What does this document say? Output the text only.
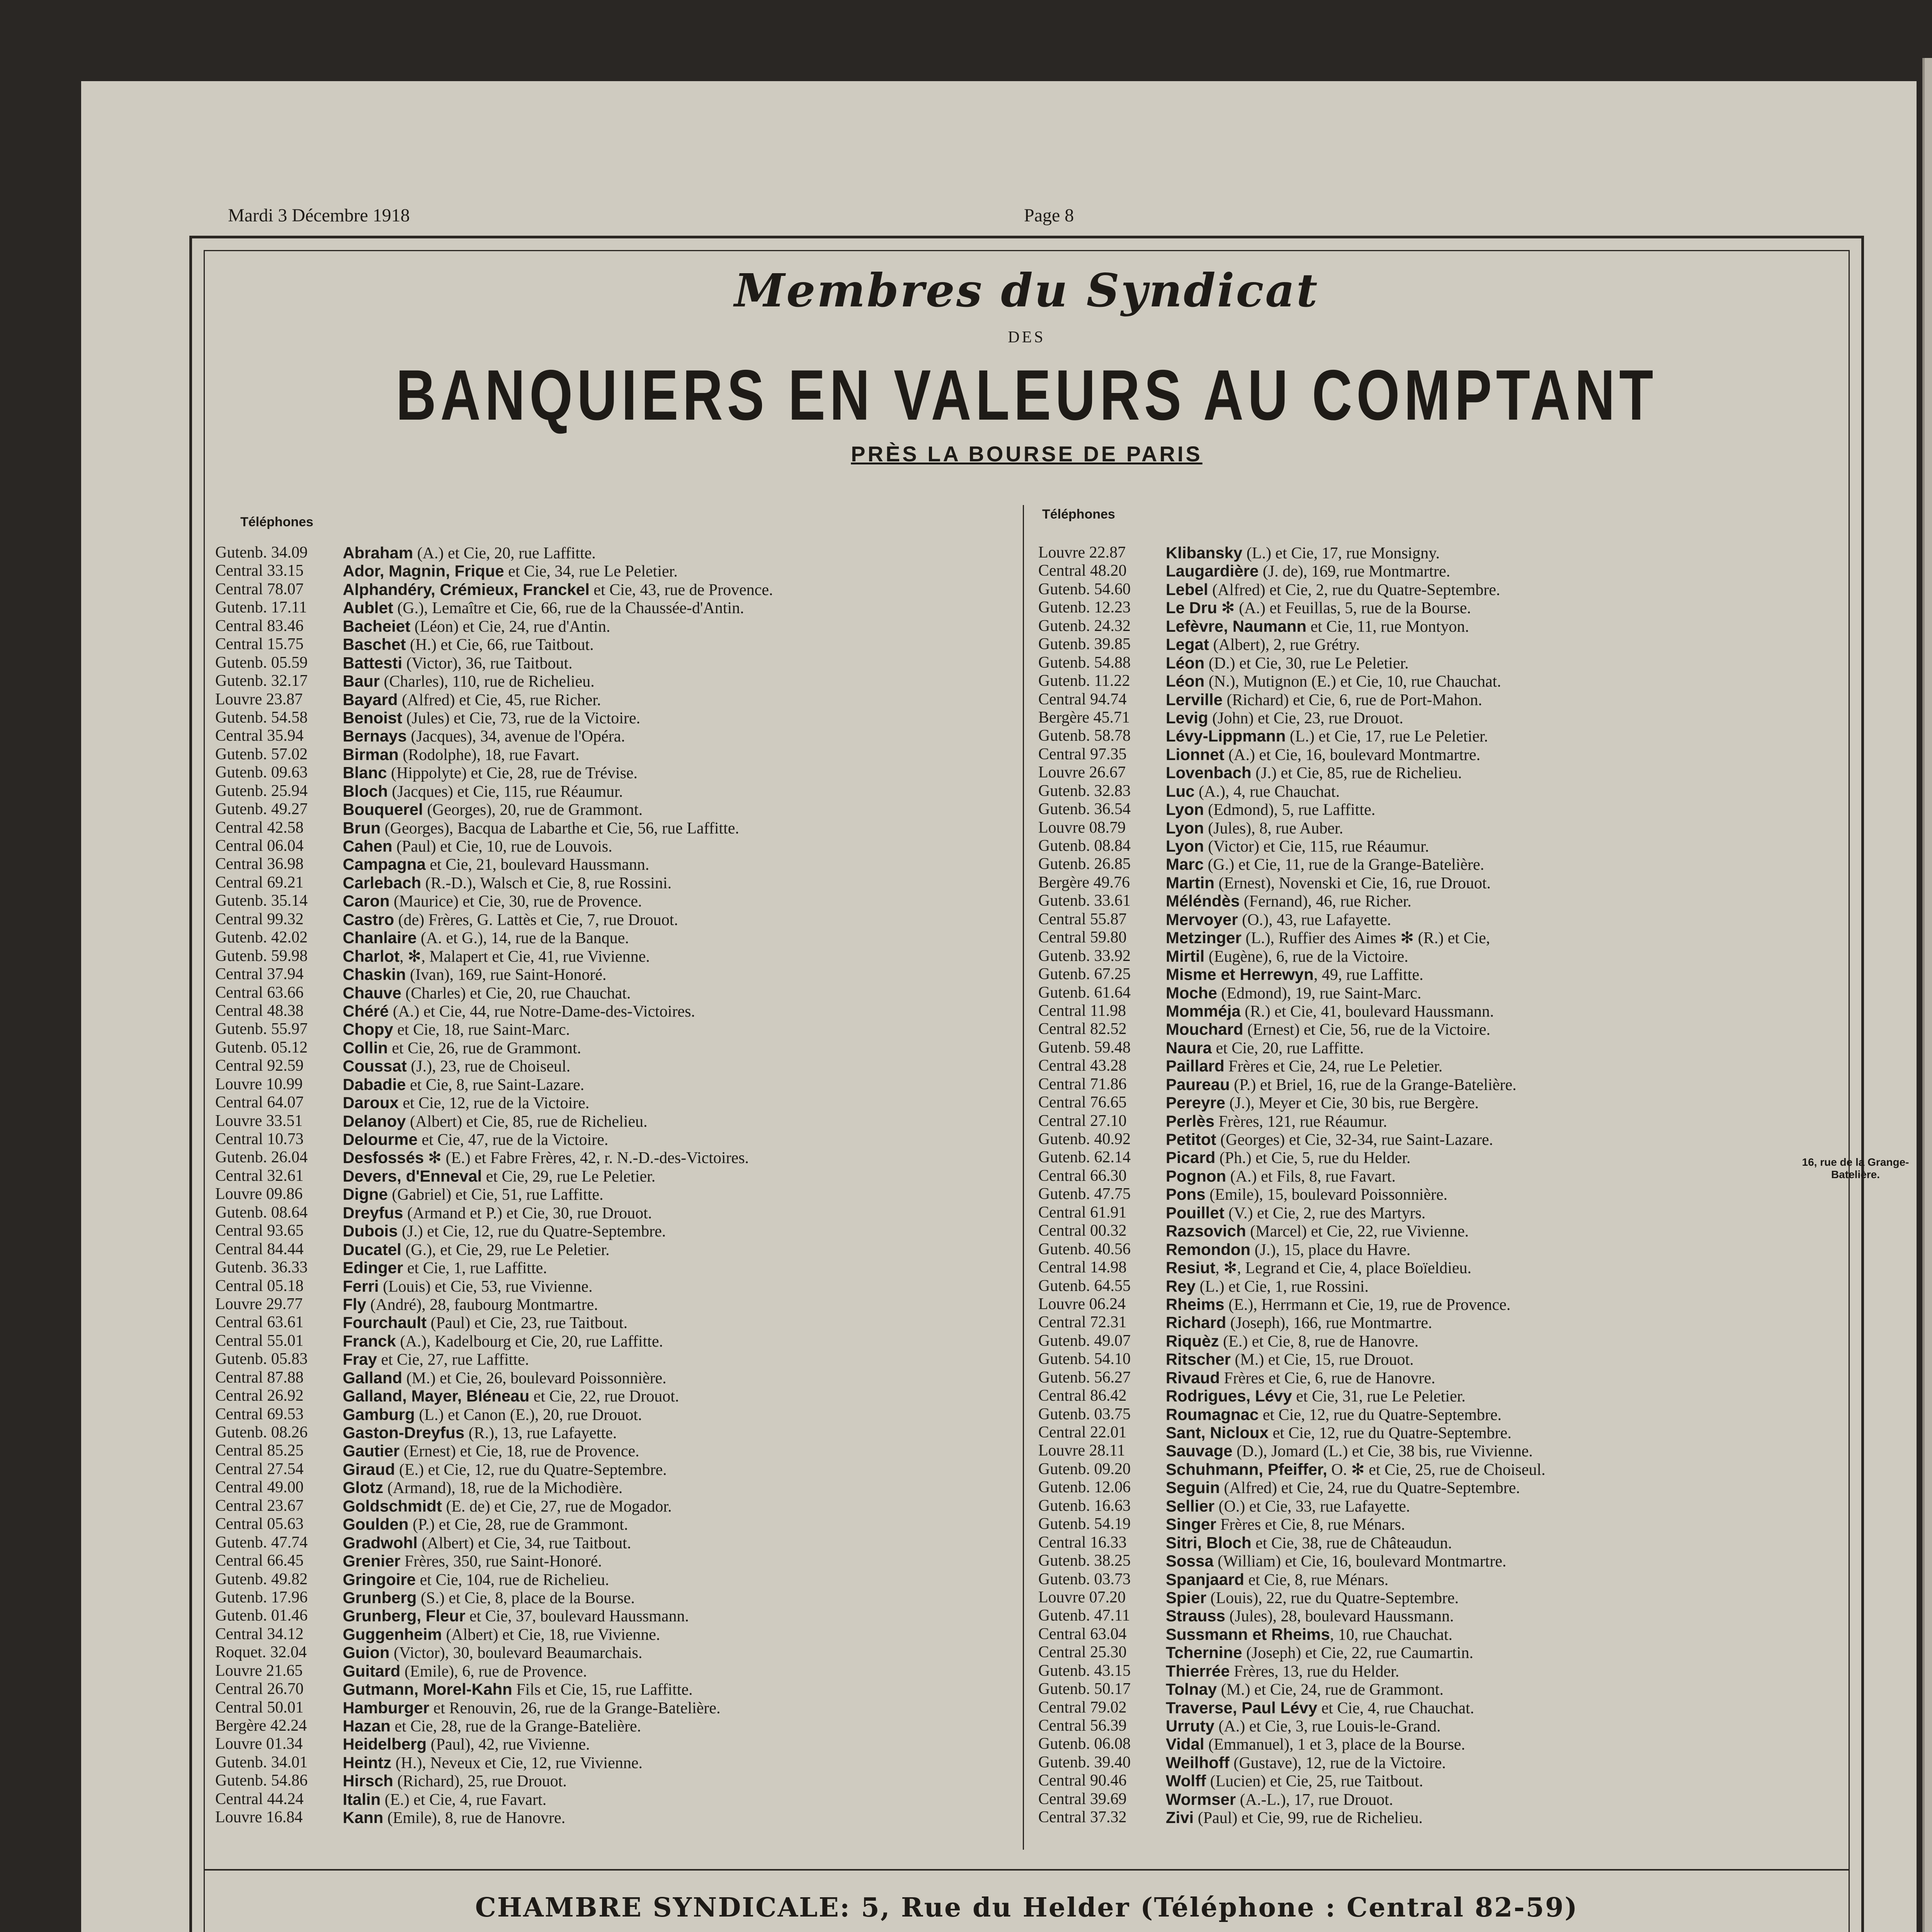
Mardi 3 Décembre 1918	Page 8
Membres du Syndicat
DES
BANQUIERS EN VALEURS AU COMPTANT
PRÈS LA BOURSE DE PARIS
Téléphones
Téléphones
Gutenb. 34.09	Abraham (A.) et Cie, 20, rue Laffitte.
Central 33.15	Ador, Magnin, Frique et Cie, 34, rue Le Peletier.
Central 78.07	Alphandéry, Crémieux, Franckel et Cie, 43, rue de Provence.
Gutenb. 17.11	Aublet (G.), Lemaître et Cie, 66, rue de la Chaussée-d'Antin.
Central 83.46	Bacheiet (Léon) et Cie, 24, rue d'Antin.
Central 15.75	Baschet (H.) et Cie, 66, rue Taitbout.
Gutenb. 05.59	Battesti (Victor), 36, rue Taitbout.
Gutenb. 32.17	Baur (Charles), 110, rue de Richelieu.
Louvre 23.87	Bayard (Alfred) et Cie, 45, rue Richer.
Gutenb. 54.58	Benoist (Jules) et Cie, 73, rue de la Victoire.
Central 35.94	Bernays (Jacques), 34, avenue de l'Opéra.
Gutenb. 57.02	Birman (Rodolphe), 18, rue Favart.
Gutenb. 09.63	Blanc (Hippolyte) et Cie, 28, rue de Trévise.
Gutenb. 25.94	Bloch (Jacques) et Cie, 115, rue Réaumur.
Gutenb. 49.27	Bouquerel (Georges), 20, rue de Grammont.
Central 42.58	Brun (Georges), Bacqua de Labarthe et Cie, 56, rue Laffitte.
Central 06.04	Cahen (Paul) et Cie, 10, rue de Louvois.
Central 36.98	Campagna et Cie, 21, boulevard Haussmann.
Central 69.21	Carlebach (R.-D.), Walsch et Cie, 8, rue Rossini.
Gutenb. 35.14	Caron (Maurice) et Cie, 30, rue de Provence.
Central 99.32	Castro (de) Frères, G. Lattès et Cie, 7, rue Drouot.
Gutenb. 42.02	Chanlaire (A. et G.), 14, rue de la Banque.
Gutenb. 59.98	Charlot, ✻, Malapert et Cie, 41, rue Vivienne.
Central 37.94	Chaskin (Ivan), 169, rue Saint-Honoré.
Central 63.66	Chauve (Charles) et Cie, 20, rue Chauchat.
Central 48.38	Chéré (A.) et Cie, 44, rue Notre-Dame-des-Victoires.
Gutenb. 55.97	Chopy et Cie, 18, rue Saint-Marc.
Gutenb. 05.12	Collin et Cie, 26, rue de Grammont.
Central 92.59	Coussat (J.), 23, rue de Choiseul.
Louvre 10.99	Dabadie et Cie, 8, rue Saint-Lazare.
Central 64.07	Daroux et Cie, 12, rue de la Victoire.
Louvre 33.51	Delanoy (Albert) et Cie, 85, rue de Richelieu.
Central 10.73	Delourme et Cie, 47, rue de la Victoire.
Gutenb. 26.04	Desfossés ✻ (E.) et Fabre Frères, 42, r. N.-D.-des-Victoires.
Central 32.61	Devers, d'Enneval et Cie, 29, rue Le Peletier.
Louvre 09.86	Digne (Gabriel) et Cie, 51, rue Laffitte.
Gutenb. 08.64	Dreyfus (Armand et P.) et Cie, 30, rue Drouot.
Central 93.65	Dubois (J.) et Cie, 12, rue du Quatre-Septembre.
Central 84.44	Ducatel (G.), et Cie, 29, rue Le Peletier.
Gutenb. 36.33	Edinger et Cie, 1, rue Laffitte.
Central 05.18	Ferri (Louis) et Cie, 53, rue Vivienne.
Louvre 29.77	Fly (André), 28, faubourg Montmartre.
Central 63.61	Fourchault (Paul) et Cie, 23, rue Taitbout.
Central 55.01	Franck (A.), Kadelbourg et Cie, 20, rue Laffitte.
Gutenb. 05.83	Fray et Cie, 27, rue Laffitte.
Central 87.88	Galland (M.) et Cie, 26, boulevard Poissonnière.
Central 26.92	Galland, Mayer, Bléneau et Cie, 22, rue Drouot.
Central 69.53	Gamburg (L.) et Canon (E.), 20, rue Drouot.
Gutenb. 08.26	Gaston-Dreyfus (R.), 13, rue Lafayette.
Central 85.25	Gautier (Ernest) et Cie, 18, rue de Provence.
Central 27.54	Giraud (E.) et Cie, 12, rue du Quatre-Septembre.
Central 49.00	Glotz (Armand), 18, rue de la Michodière.
Central 23.67	Goldschmidt (E. de) et Cie, 27, rue de Mogador.
Central 05.63	Goulden (P.) et Cie, 28, rue de Grammont.
Gutenb. 47.74	Gradwohl (Albert) et Cie, 34, rue Taitbout.
Central 66.45	Grenier Frères, 350, rue Saint-Honoré.
Gutenb. 49.82	Gringoire et Cie, 104, rue de Richelieu.
Gutenb. 17.96	Grunberg (S.) et Cie, 8, place de la Bourse.
Gutenb. 01.46	Grunberg, Fleur et Cie, 37, boulevard Haussmann.
Central 34.12	Guggenheim (Albert) et Cie, 18, rue Vivienne.
Roquet. 32.04	Guion (Victor), 30, boulevard Beaumarchais.
Louvre 21.65	Guitard (Emile), 6, rue de Provence.
Central 26.70	Gutmann, Morel-Kahn Fils et Cie, 15, rue Laffitte.
Central 50.01	Hamburger et Renouvin, 26, rue de la Grange-Batelière.
Bergère 42.24	Hazan et Cie, 28, rue de la Grange-Batelière.
Louvre 01.34	Heidelberg (Paul), 42, rue Vivienne.
Gutenb. 34.01	Heintz (H.), Neveux et Cie, 12, rue Vivienne.
Gutenb. 54.86	Hirsch (Richard), 25, rue Drouot.
Central 44.24	Italin (E.) et Cie, 4, rue Favart.
Louvre 16.84	Kann (Emile), 8, rue de Hanovre.
Louvre 22.87	Klibansky (L.) et Cie, 17, rue Monsigny.
Central 48.20	Laugardière (J. de), 169, rue Montmartre.
Gutenb. 54.60	Lebel (Alfred) et Cie, 2, rue du Quatre-Septembre.
Gutenb. 12.23	Le Dru ✻ (A.) et Feuillas, 5, rue de la Bourse.
Gutenb. 24.32	Lefèvre, Naumann et Cie, 11, rue Montyon.
Gutenb. 39.85	Legat (Albert), 2, rue Grétry.
Gutenb. 54.88	Léon (D.) et Cie, 30, rue Le Peletier.
Gutenb. 11.22	Léon (N.), Mutignon (E.) et Cie, 10, rue Chauchat.
Central 94.74	Lerville (Richard) et Cie, 6, rue de Port-Mahon.
Bergère 45.71	Levig (John) et Cie, 23, rue Drouot.
Gutenb. 58.78	Lévy-Lippmann (L.) et Cie, 17, rue Le Peletier.
Central 97.35	Lionnet (A.) et Cie, 16, boulevard Montmartre.
Louvre 26.67	Lovenbach (J.) et Cie, 85, rue de Richelieu.
Gutenb. 32.83	Luc (A.), 4, rue Chauchat.
Gutenb. 36.54	Lyon (Edmond), 5, rue Laffitte.
Louvre 08.79	Lyon (Jules), 8, rue Auber.
Gutenb. 08.84	Lyon (Victor) et Cie, 115, rue Réaumur.
Gutenb. 26.85	Marc (G.) et Cie, 11, rue de la Grange-Batelière.
Bergère 49.76	Martin (Ernest), Novenski et Cie, 16, rue Drouot.
Gutenb. 33.61	Méléndès (Fernand), 46, rue Richer.
Central 55.87	Mervoyer (O.), 43, rue Lafayette.
Central 59.80	Metzinger (L.), Ruffier des Aimes ✻ (R.) et Cie,
Gutenb. 33.92	Mirtil (Eugène), 6, rue de la Victoire.
Gutenb. 67.25	Misme et Herrewyn, 49, rue Laffitte.
Gutenb. 61.64	Moche (Edmond), 19, rue Saint-Marc.
Central 11.98	Momméja (R.) et Cie, 41, boulevard Haussmann.
Central 82.52	Mouchard (Ernest) et Cie, 56, rue de la Victoire.
Gutenb. 59.48	Naura et Cie, 20, rue Laffitte.
Central 43.28	Paillard Frères et Cie, 24, rue Le Peletier.
Central 71.86	Paureau (P.) et Briel, 16, rue de la Grange-Batelière.
Central 76.65	Pereyre (J.), Meyer et Cie, 30 bis, rue Bergère.
Central 27.10	Perlès Frères, 121, rue Réaumur.
Gutenb. 40.92	Petitot (Georges) et Cie, 32-34, rue Saint-Lazare.
Gutenb. 62.14	Picard (Ph.) et Cie, 5, rue du Helder.
Central 66.30	Pognon (A.) et Fils, 8, rue Favart.
Gutenb. 47.75	Pons (Emile), 15, boulevard Poissonnière.
Central 61.91	Pouillet (V.) et Cie, 2, rue des Martyrs.
Central 00.32	Razsovich (Marcel) et Cie, 22, rue Vivienne.
Gutenb. 40.56	Remondon (J.), 15, place du Havre.
Central 14.98	Resiut, ✻, Legrand et Cie, 4, place Boïeldieu.
Gutenb. 64.55	Rey (L.) et Cie, 1, rue Rossini.
Louvre 06.24	Rheims (E.), Herrmann et Cie, 19, rue de Provence.
Central 72.31	Richard (Joseph), 166, rue Montmartre.
Gutenb. 49.07	Riquèz (E.) et Cie, 8, rue de Hanovre.
Gutenb. 54.10	Ritscher (M.) et Cie, 15, rue Drouot.
Gutenb. 56.27	Rivaud Frères et Cie, 6, rue de Hanovre.
Central 86.42	Rodrigues, Lévy et Cie, 31, rue Le Peletier.
Gutenb. 03.75	Roumagnac et Cie, 12, rue du Quatre-Septembre.
Central 22.01	Sant, Nicloux et Cie, 12, rue du Quatre-Septembre.
Louvre 28.11	Sauvage (D.), Jomard (L.) et Cie, 38 bis, rue Vivienne.
Gutenb. 09.20	Schuhmann, Pfeiffer, O. ✻ et Cie, 25, rue de Choiseul.
Gutenb. 12.06	Seguin (Alfred) et Cie, 24, rue du Quatre-Septembre.
Gutenb. 16.63	Sellier (O.) et Cie, 33, rue Lafayette.
Gutenb. 54.19	Singer Frères et Cie, 8, rue Ménars.
Central 16.33	Sitri, Bloch et Cie, 38, rue de Châteaudun.
Gutenb. 38.25	Sossa (William) et Cie, 16, boulevard Montmartre.
Gutenb. 03.73	Spanjaard et Cie, 8, rue Ménars.
Louvre 07.20	Spier (Louis), 22, rue du Quatre-Septembre.
Gutenb. 47.11	Strauss (Jules), 28, boulevard Haussmann.
Central 63.04	Sussmann et Rheims, 10, rue Chauchat.
Central 25.30	Tchernine (Joseph) et Cie, 22, rue Caumartin.
Gutenb. 43.15	Thierrée Frères, 13, rue du Helder.
Gutenb. 50.17	Tolnay (M.) et Cie, 24, rue de Grammont.
Central 79.02	Traverse, Paul Lévy et Cie, 4, rue Chauchat.
Central 56.39	Urruty (A.) et Cie, 3, rue Louis-le-Grand.
Gutenb. 06.08	Vidal (Emmanuel), 1 et 3, place de la Bourse.
Gutenb. 39.40	Weilhoff (Gustave), 12, rue de la Victoire.
Central 90.46	Wolff (Lucien) et Cie, 25, rue Taitbout.
Central 39.69	Wormser (A.-L.), 17, rue Drouot.
Central 37.32	Zivi (Paul) et Cie, 99, rue de Richelieu.
16, rue de la Grange-Batelière.
CHAMBRE SYNDICALE: 5, Rue du Helder (Téléphone : Central 82-59)
